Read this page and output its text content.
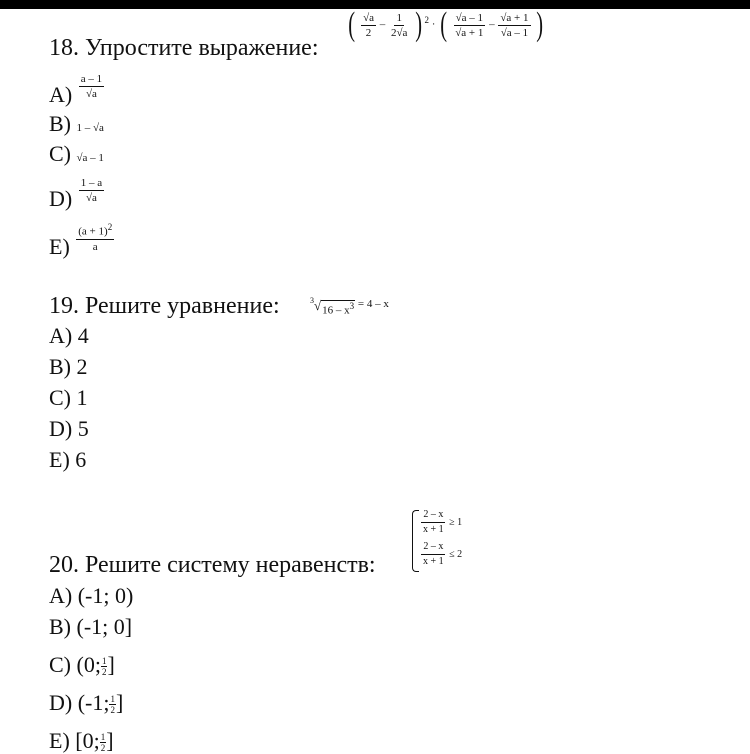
18. Упростите выражение:
( $\frac{√a}{2} - \frac{1}{2√a}$ ) $^2$ · ( $\frac{√a - 1}{√a + 1} - \frac{√a + 1}{√a - 1}$ )
$A) \frac{a - 1}{√a}$
B) 1 – √a
C) √a – 1
$D) \frac{1 - a}{√a}$
$E) \frac{(a + 1)^2}{a}$
19. Решите уравнение:	3 √ $16 - x^3 = 4 - x$
A) 4
B) 2
C) 1
D) 5
E) 6
20. Решите систему неравенств:
$\frac{2 - x}{x + 1} \ge 1$
$\frac{2 - x}{x + 1} \le 2$
A) (-1; 0)
B) (-1; 0]
C) (0; $\frac{1}{2}$ ]
D) (-1; $\frac{1}{2}$ ]
E) [0; $\frac{1}{2}$ ]
